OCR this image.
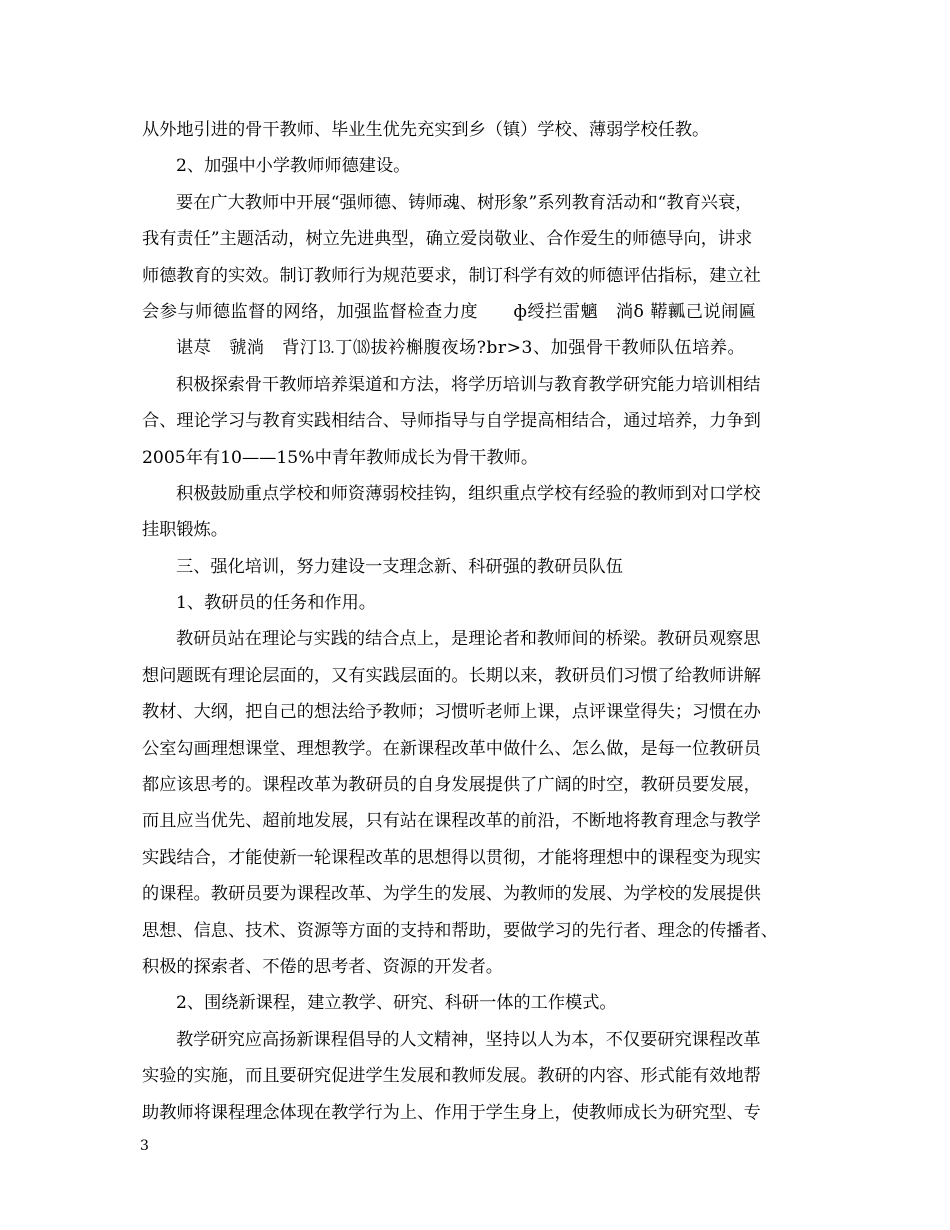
从外地引进的骨干教师、毕业生优先充实到乡（镇）学校、薄弱学校任教。
2、加强中小学教师师德建设。
要在广大教师中开展“强师德、铸师魂、树形象”系列教育活动和“教育兴衰，
我有责任”主题活动，树立先进典型，确立爱岗敬业、合作爱生的师德导向，讲求
师德教育的实效。制订教师行为规范要求，制订科学有效的师德评估指标，建立社
会参与师德监督的网络，加强监督检查力度　　ф绶拦雷魑　淌δ 鞯瓤己说闹匾
谌荩　虢淌　背汀⒔丁⒅拔衿槲腹夜场?br>3、加强骨干教师队伍培养。
积极探索骨干教师培养渠道和方法，将学历培训与教育教学研究能力培训相结
合、理论学习与教育实践相结合、导师指导与自学提高相结合，通过培养，力争到
2005年有10——15%中青年教师成长为骨干教师。
积极鼓励重点学校和师资薄弱校挂钩，组织重点学校有经验的教师到对口学校
挂职锻炼。
三、强化培训，努力建设一支理念新、科研强的教研员队伍
1、教研员的任务和作用。
教研员站在理论与实践的结合点上，是理论者和教师间的桥梁。教研员观察思
想问题既有理论层面的，又有实践层面的。长期以来，教研员们习惯了给教师讲解
教材、大纲，把自己的想法给予教师；习惯听老师上课，点评课堂得失；习惯在办
公室勾画理想课堂、理想教学。在新课程改革中做什么、怎么做，是每一位教研员
都应该思考的。课程改革为教研员的自身发展提供了广阔的时空，教研员要发展，
而且应当优先、超前地发展，只有站在课程改革的前沿，不断地将教育理念与教学
实践结合，才能使新一轮课程改革的思想得以贯彻，才能将理想中的课程变为现实
的课程。教研员要为课程改革、为学生的发展、为教师的发展、为学校的发展提供
思想、信息、技术、资源等方面的支持和帮助，要做学习的先行者、理念的传播者、
积极的探索者、不倦的思考者、资源的开发者。
2、围绕新课程，建立教学、研究、科研一体的工作模式。
教学研究应高扬新课程倡导的人文精神，坚持以人为本，不仅要研究课程改革
实验的实施，而且要研究促进学生发展和教师发展。教研的内容、形式能有效地帮
助教师将课程理念体现在教学行为上、作用于学生身上，使教师成长为研究型、专
3
